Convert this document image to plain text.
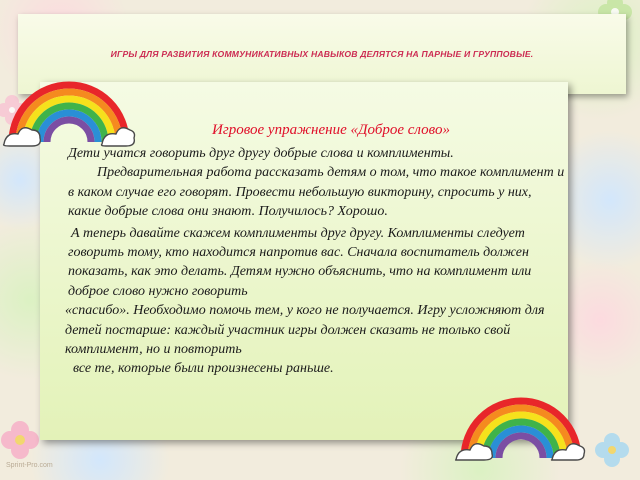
ИГРЫ ДЛЯ РАЗВИТИЯ КОММУНИКАТИВНЫХ НАВЫКОВ ДЕЛЯТСЯ НА ПАРНЫЕ И ГРУППОВЫЕ.

Игровое упражнение «Доброе слово»

Дети учатся говорить друг другу добрые слова и комплименты.

Предварительная работа рассказать детям о том, что такое комплимент и в каком случае его говорят. Провести небольшую викторину, спросить у них, какие добрые слова они знают. Получилось? Хорошо.

А теперь давайте скажем комплименты друг другу. Комплименты следует говорить тому, кто находится напротив вас. Сначала воспитатель должен показать, как это делать. Детям нужно объяснить, что на комплимент или доброе слово нужно говорить

«спасибо». Необходимо помочь тем, у кого не получается. Игру усложняют для детей постарше: каждый участник игры должен сказать не только свой комплимент, но и повторить

все те, которые были произнесены раньше.

Sprint-Pro.com
